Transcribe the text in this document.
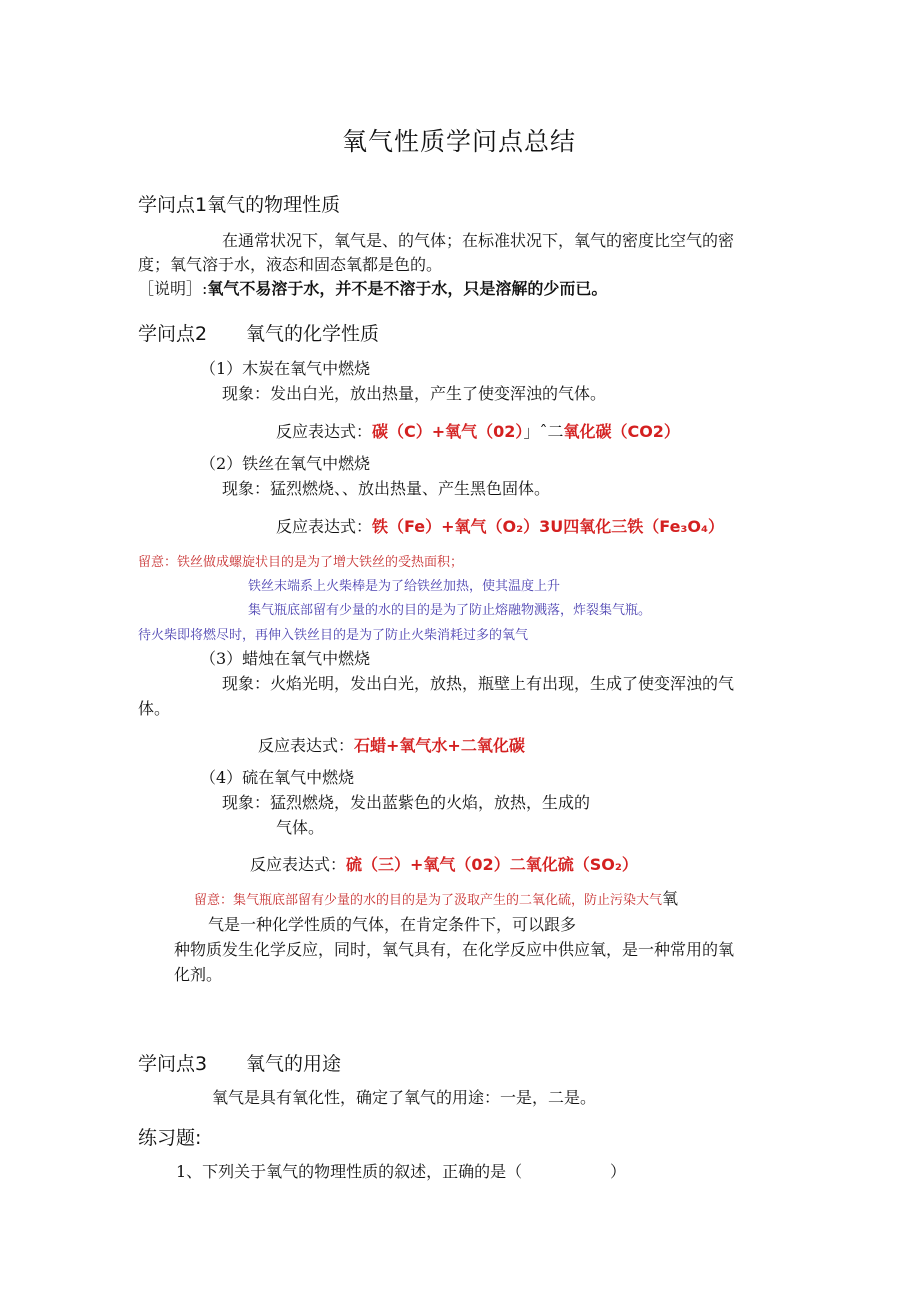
氧气性质学问点总结
学问点1氧气的物理性质
在通常状况下，氧气是、的气体；在标准状况下，氧气的密度比空气的密
度；氧气溶于水，液态和固态氧都是色的。
［说明］:氧气不易溶于水，并不是不溶于水，只是溶解的少而已。
学问点2 氧气的化学性质
（1）木炭在氧气中燃烧
现象：发出白光，放出热量，产生了使变浑浊的气体。
反应表达式：碳（C）+氧气（02）」ˆ二氧化碳（CO2）
（2）铁丝在氧气中燃烧
现象：猛烈燃烧、、放出热量、产生黑色固体。
反应表达式：铁（Fe）+氧气（O₂）3U四氧化三铁（Fe₃O₄）
留意：铁丝做成螺旋状目的是为了增大铁丝的受热面积；
铁丝末端系上火柴棒是为了给铁丝加热，使其温度上升
集气瓶底部留有少量的水的目的是为了防止熔融物溅落，炸裂集气瓶。
待火柴即将燃尽时，再伸入铁丝目的是为了防止火柴消耗过多的氧气
（3）蜡烛在氧气中燃烧
现象：火焰光明，发出白光，放热，瓶壁上有出现，生成了使变浑浊的气
体。
反应表达式：石蜡+氧气水+二氧化碳
（4）硫在氧气中燃烧
现象：猛烈燃烧，发出蓝紫色的火焰，放热，生成的
气体。
反应表达式：硫（三）+氧气（02）二氧化硫（SO₂）
留意：集气瓶底部留有少量的水的目的是为了汲取产生的二氧化硫，防止污染大气氧
气是一种化学性质的气体，在肯定条件下，可以跟多
种物质发生化学反应，同时，氧气具有，在化学反应中供应氧，是一种常用的氧
化剂。
学问点3 氧气的用途
氧气是具有氧化性，确定了氧气的用途：一是，二是。
练习题:
1、下列关于氧气的物理性质的叙述，正确的是（	）
